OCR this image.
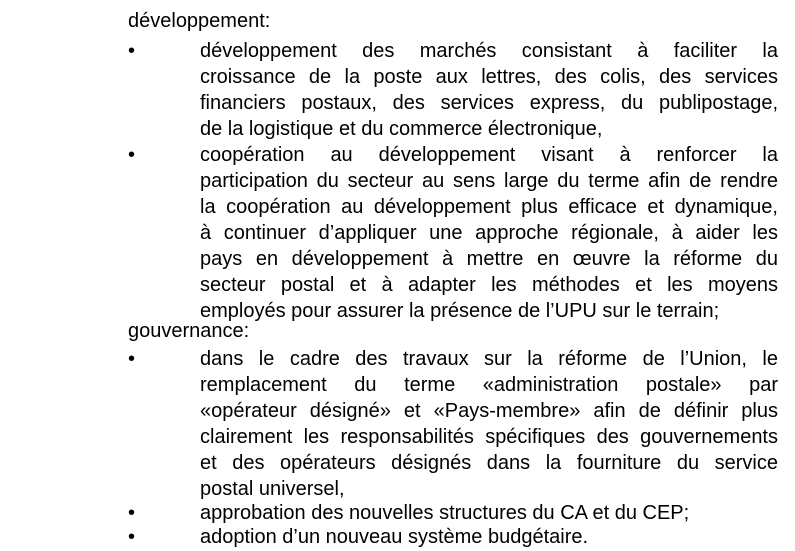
développement:
•	développement des marchés consistant à faciliter la
croissance de la poste aux lettres, des colis, des services
financiers postaux, des services express, du publipostage,
de la logistique et du commerce électronique,
•	coopération au développement visant à renforcer la
participation du secteur au sens large du terme afin de rendre
la coopération au développement plus efficace et dynamique,
à continuer d’appliquer une approche régionale, à aider les
pays en développement à mettre en œuvre la réforme du
secteur postal et à adapter les méthodes et les moyens
employés pour assurer la présence de l’UPU sur le terrain;
gouvernance:
•	dans le cadre des travaux sur la réforme de l’Union, le
remplacement du terme «administration postale» par
«opérateur désigné» et «Pays-membre» afin de définir plus
clairement les responsabilités spécifiques des gouvernements
et des opérateurs désignés dans la fourniture du service
postal universel,
•	approbation des nouvelles structures du CA et du CEP;
•	adoption d’un nouveau système budgétaire.
